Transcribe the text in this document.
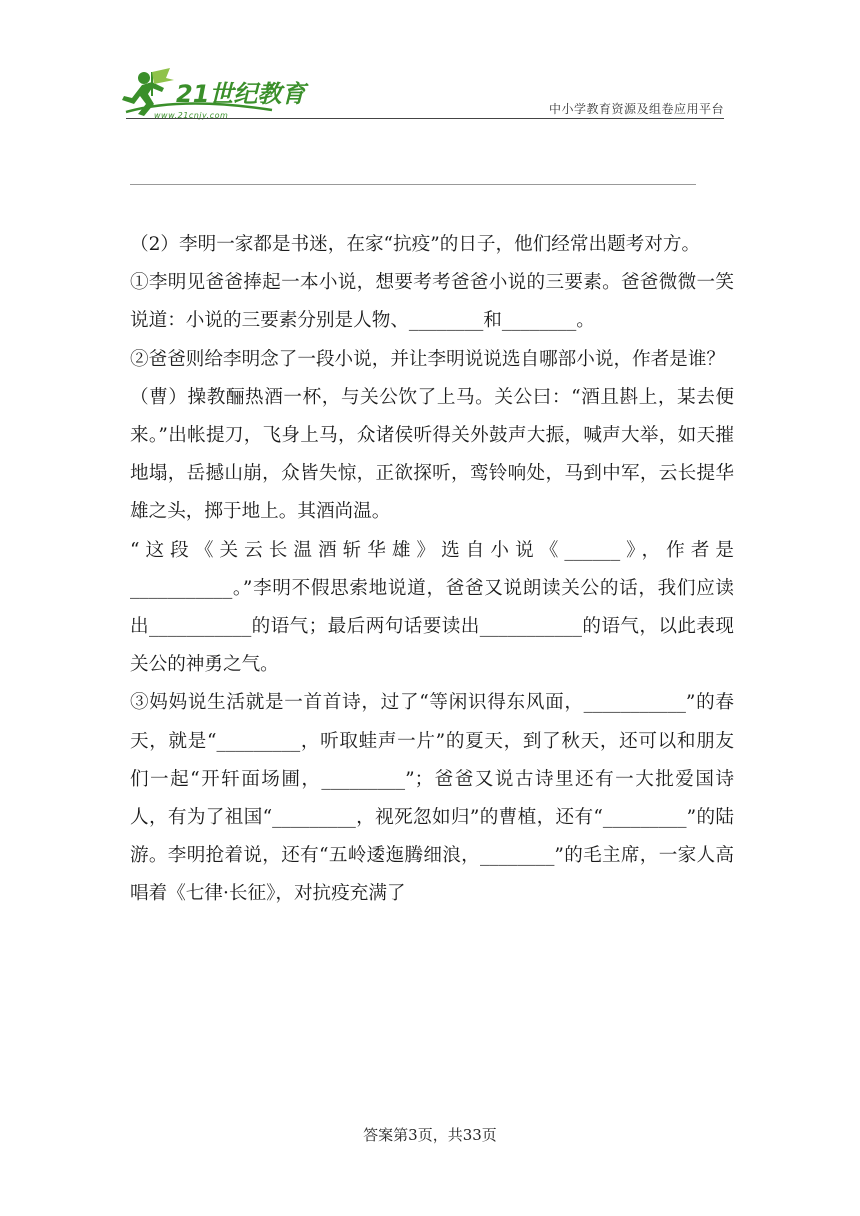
21世纪教育
www.21cnjy.com	中小学教育资源及组卷应用平台

（2）李明一家都是书迷，在家“抗疫”的日子，他们经常出题考对方。

①李明见爸爸捧起一本小说，想要考考爸爸小说的三要素。爸爸微微一笑说道：小说的三要素分别是人物、________和________。

②爸爸则给李明念了一段小说，并让李明说说选自哪部小说，作者是谁？

（曹）操教酾热酒一杯，与关公饮了上马。关公曰：“酒且斟上，某去便来。”出帐提刀，飞身上马，众诸侯听得关外鼓声大振，喊声大举，如天摧地塌，岳撼山崩，众皆失惊，正欲探听，鸾铃响处，马到中军，云长提华雄之头，掷于地上。其酒尚温。

“这段《关云长温酒斩华雄》选自小说《______》，作者是___________。”李明不假思索地说道，爸爸又说朗读关公的话，我们应读出___________的语气；最后两句话要读出___________的语气，以此表现关公的神勇之气。

③妈妈说生活就是一首首诗，过了“等闲识得东风面，___________”的春天，就是“_________，听取蛙声一片”的夏天，到了秋天，还可以和朋友们一起“开轩面场圃，_________”；爸爸又说古诗里还有一大批爱国诗人，有为了祖国“_________，视死忽如归”的曹植，还有“_________”的陆游。李明抢着说，还有“五岭逶迤腾细浪，________”的毛主席，一家人高唱着《七律·长征》，对抗疫充满了

答案第3页，共33页
